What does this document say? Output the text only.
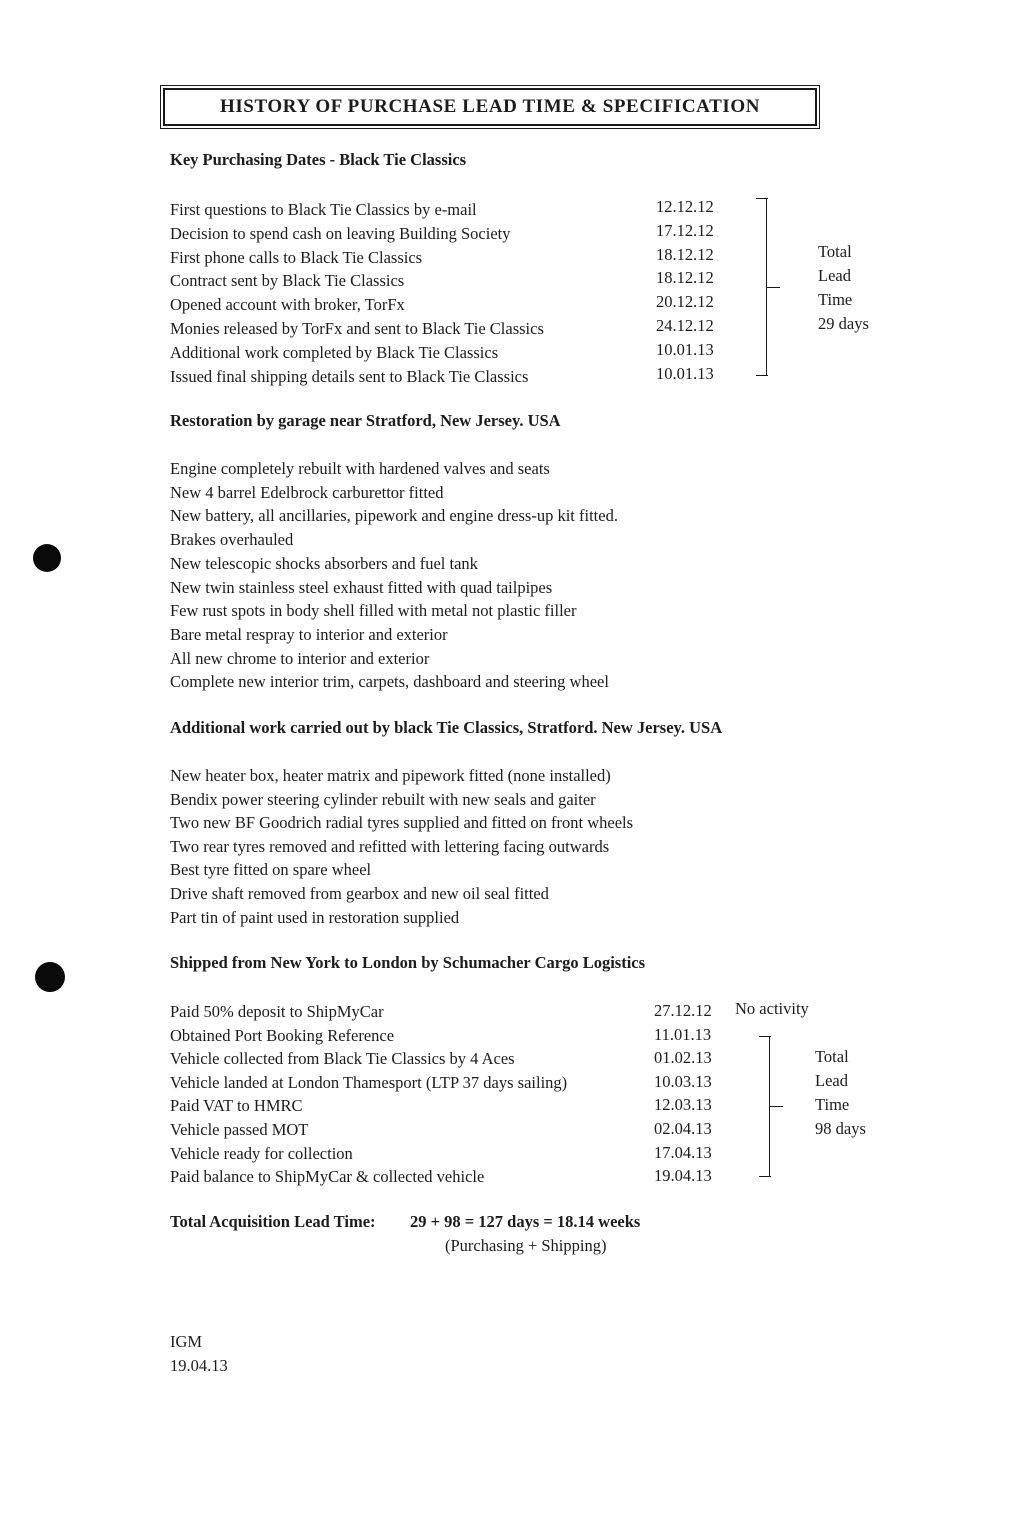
HISTORY OF PURCHASE LEAD TIME & SPECIFICATION
Key Purchasing Dates - Black Tie Classics
First questions to Black Tie Classics by e-mail
Decision to spend cash on leaving Building Society
First phone calls to Black Tie Classics
Contract sent by Black Tie Classics
Opened account with broker, TorFx
Monies released by TorFx and sent to Black Tie Classics
Additional work completed by Black Tie Classics
Issued final shipping details sent to Black Tie Classics
12.12.12
17.12.12
18.12.12
18.12.12
20.12.12
24.12.12
10.01.13
10.01.13
Total
Lead
Time
29 days
Restoration by garage near Stratford, New Jersey. USA
Engine completely rebuilt with hardened valves and seats
New 4 barrel Edelbrock carburettor fitted
New battery, all ancillaries, pipework and engine dress-up kit fitted.
Brakes overhauled
New telescopic shocks absorbers and fuel tank
New twin stainless steel exhaust fitted with quad tailpipes
Few rust spots in body shell filled with metal not plastic filler
Bare metal respray to interior and exterior
All new chrome to interior and exterior
Complete new interior trim, carpets, dashboard and steering wheel
Additional work carried out by black Tie Classics, Stratford. New Jersey. USA
New heater box, heater matrix and pipework fitted (none installed)
Bendix power steering cylinder rebuilt with new seals and gaiter
Two new BF Goodrich radial tyres supplied and fitted on front wheels
Two rear tyres removed and refitted with lettering facing outwards
Best tyre fitted on spare wheel
Drive shaft removed from gearbox and new oil seal fitted
Part tin of paint used in restoration supplied
Shipped from New York to London by Schumacher Cargo Logistics
Paid 50% deposit to ShipMyCar
Obtained Port Booking Reference
Vehicle collected from Black Tie Classics by 4 Aces
Vehicle landed at London Thamesport (LTP 37 days sailing)
Paid VAT to HMRC
Vehicle passed MOT
Vehicle ready for collection
Paid balance to ShipMyCar & collected vehicle
27.12.12
11.01.13
01.02.13
10.03.13
12.03.13
02.04.13
17.04.13
19.04.13
No activity
Total
Lead
Time
98 days
Total Acquisition Lead Time: 29 + 98 = 127 days = 18.14 weeks
(Purchasing + Shipping)
IGM
19.04.13
